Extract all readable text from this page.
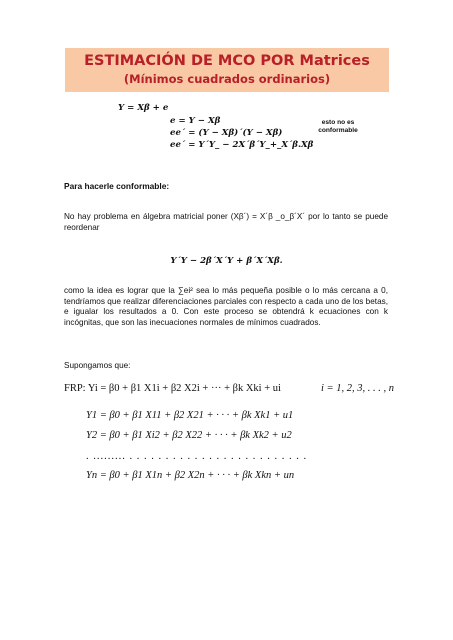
ESTIMACIÓN DE MCO POR Matrices
(Mínimos cuadrados ordinarios)
Y = Xβ + e
e = Y − Xβ
ee´ = (Y − Xβ)´(Y − Xβ)
ee´ = Y´Y_ − 2X´β´Y_+_X´β.Xβ
esto no es conformable
Para hacerle conformable:
No hay problema en álgebra matricial poner (Xβ´) = X´β _o_β´X´ por lo tanto se puede reordenar
Y´Y − 2β´X´Y + β´X´Xβ.
como la idea es lograr que la ∑ei² sea lo más pequeña posible o lo más cercana a 0, tendríamos que realizar diferenciaciones parciales con respecto a cada uno de los betas, e igualar los resultados a 0. Con este proceso se obtendrá k ecuaciones con k incógnitas, que son las inecuaciones normales de mínimos cuadrados.
Supongamos que:
FRP: Yi = β0 + β1 X1i + β2 X2i + ··· + βk Xki + ui	i = 1, 2, 3, . . . , n
Y1 = β0 + β1 X11 + β2 X21 + · · · + βk Xk1 + u1
Y2 = β0 + β1 Xi2 + β2 X22 + · · · + βk Xk2 + u2
. ......... . . . . . . . . . . . . . . . . . . . . . . . . .
Yn = β0 + β1 X1n + β2 X2n + · · · + βk Xkn + un
